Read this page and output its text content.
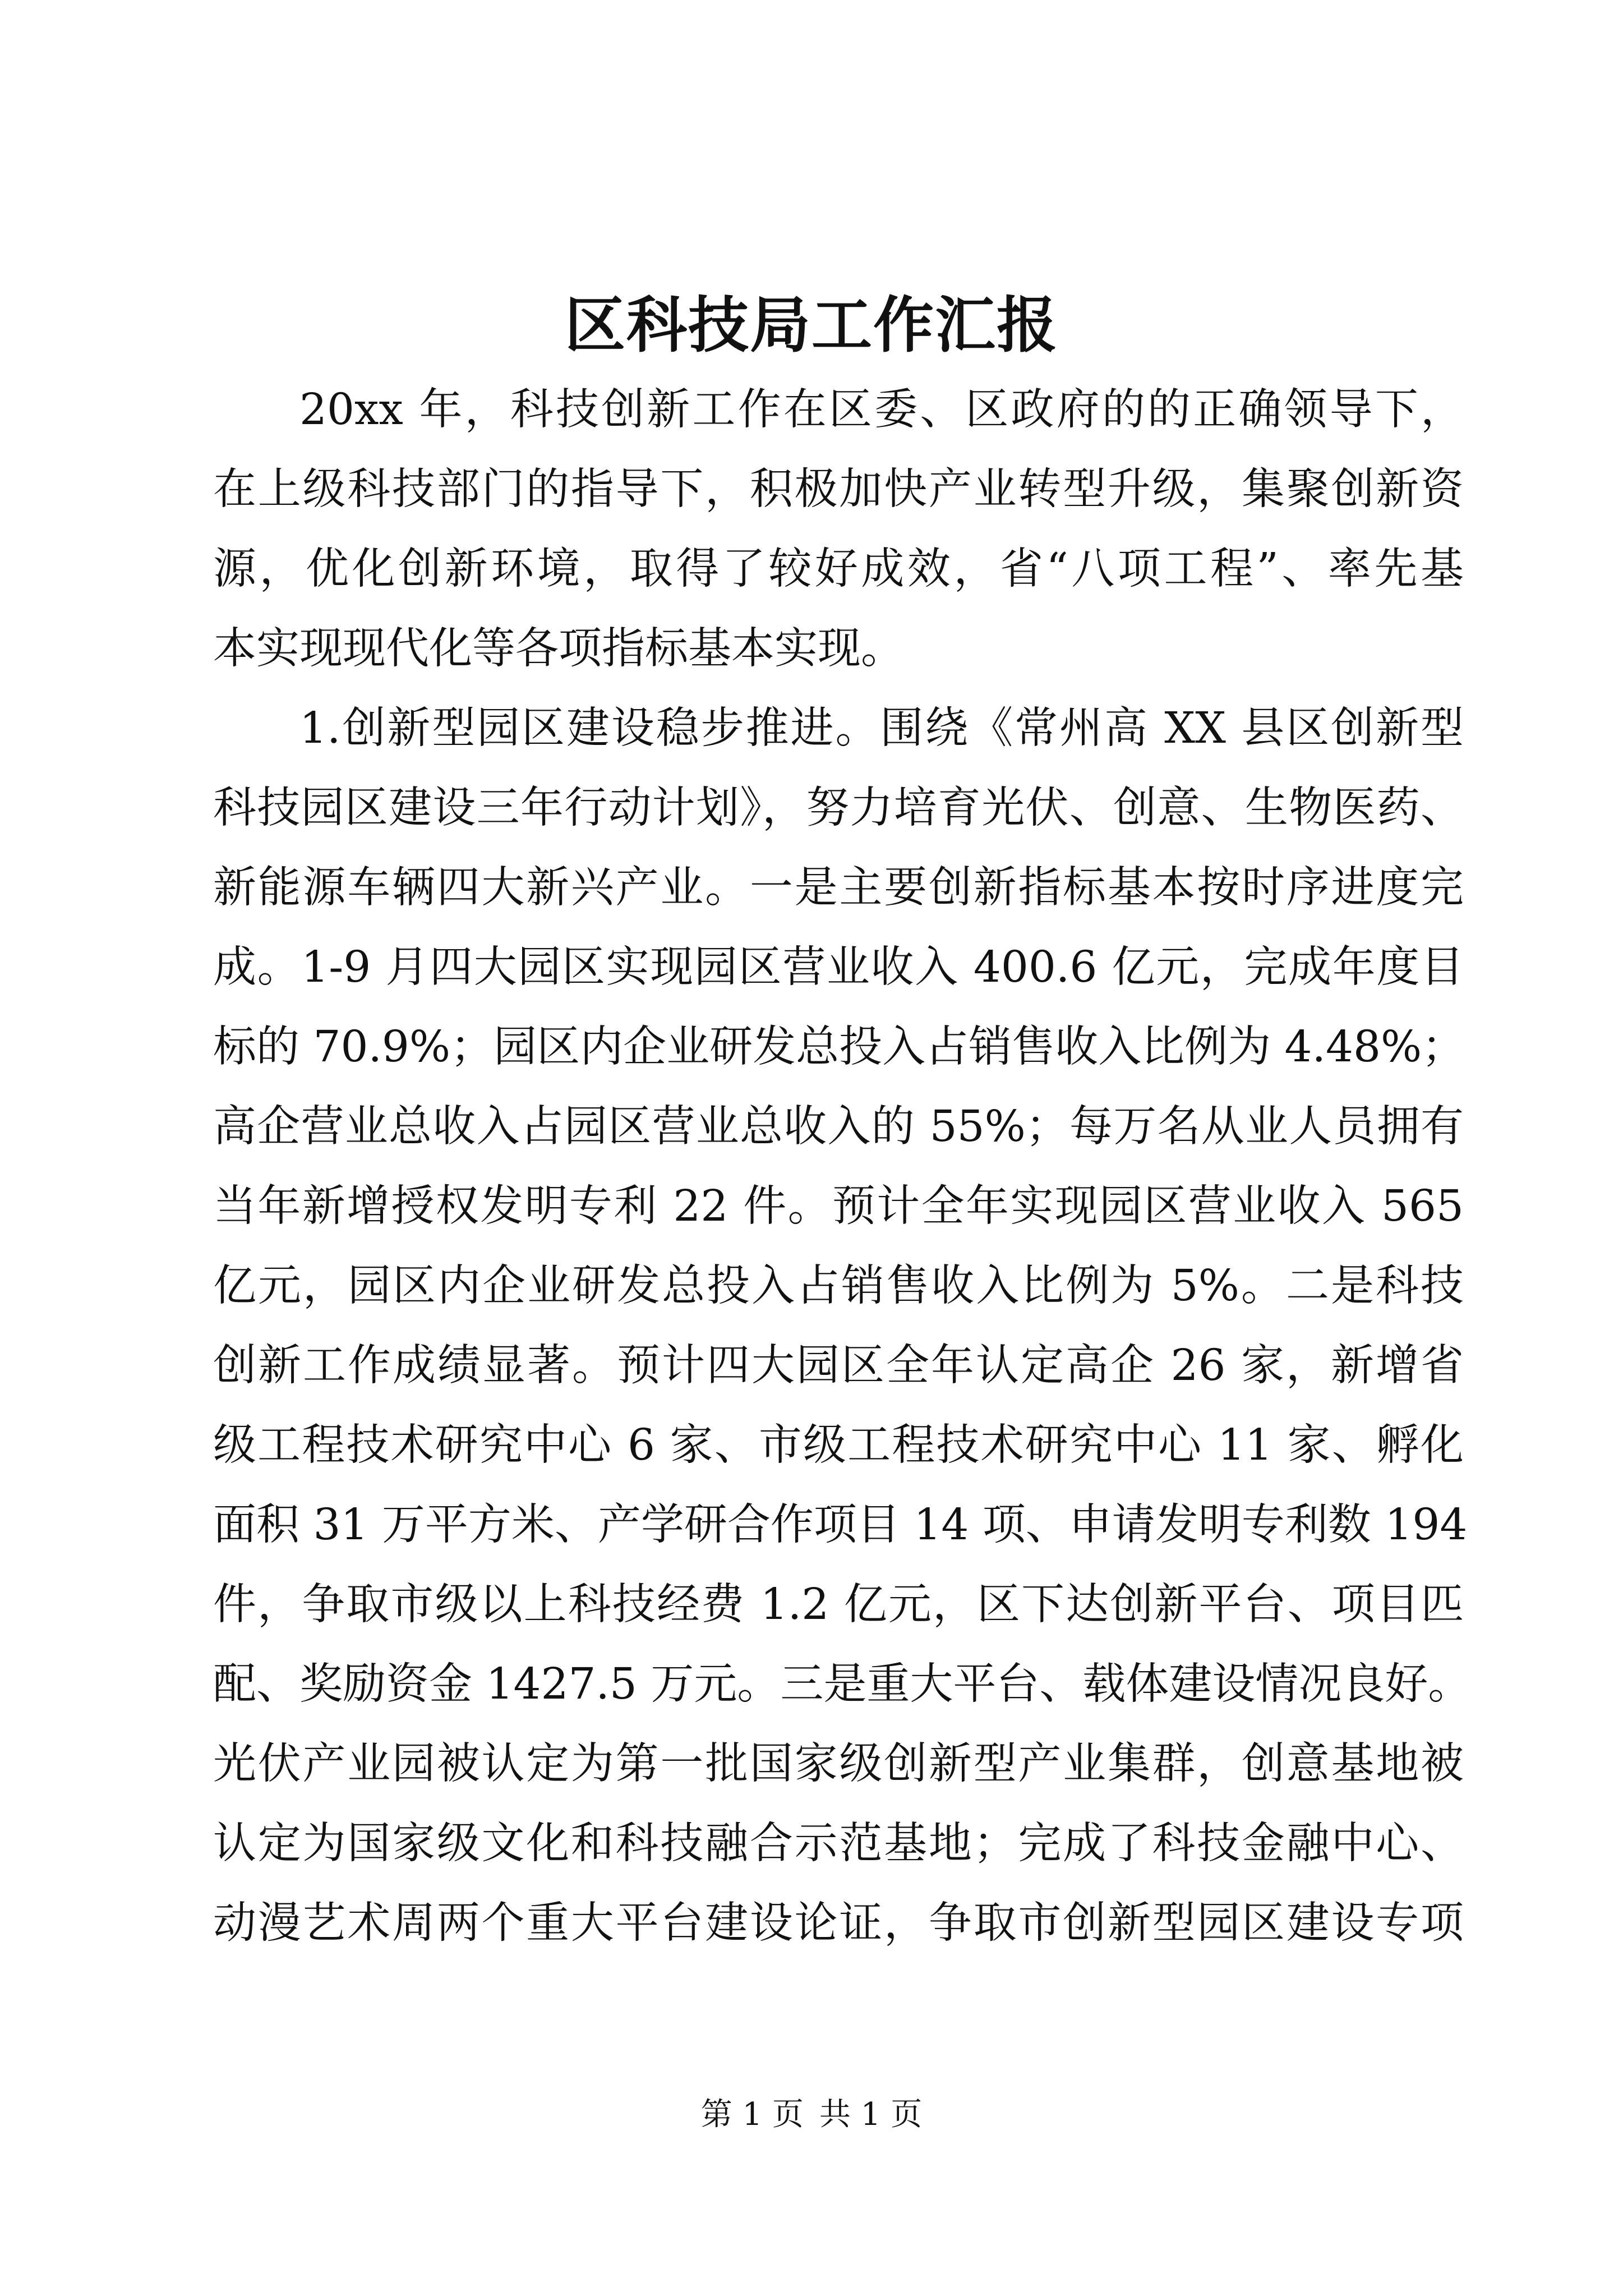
区科技局工作汇报
20xx 年，科技创新工作在区委、区政府的的正确领导下，
在上级科技部门的指导下，积极加快产业转型升级，集聚创新资
源，优化创新环境，取得了较好成效，省“八项工程”、率先基
本实现现代化等各项指标基本实现。
1.创新型园区建设稳步推进。围绕《常州高 XX 县区创新型
科技园区建设三年行动计划》，努力培育光伏、创意、生物医药、
新能源车辆四大新兴产业。一是主要创新指标基本按时序进度完
成。1-9 月四大园区实现园区营业收入 400.6 亿元，完成年度目
标的 70.9%；园区内企业研发总投入占销售收入比例为 4.48%；
高企营业总收入占园区营业总收入的 55%；每万名从业人员拥有
当年新增授权发明专利 22 件。预计全年实现园区营业收入 565
亿元，园区内企业研发总投入占销售收入比例为 5%。二是科技
创新工作成绩显著。预计四大园区全年认定高企 26 家，新增省
级工程技术研究中心 6 家、市级工程技术研究中心 11 家、孵化
面积 31 万平方米、产学研合作项目 14 项、申请发明专利数 194
件，争取市级以上科技经费 1.2 亿元，区下达创新平台、项目匹
配、奖励资金 1427.5 万元。三是重大平台、载体建设情况良好。
光伏产业园被认定为第一批国家级创新型产业集群，创意基地被
认定为国家级文化和科技融合示范基地；完成了科技金融中心、
动漫艺术周两个重大平台建设论证，争取市创新型园区建设专项
第 1 页 共 1 页
